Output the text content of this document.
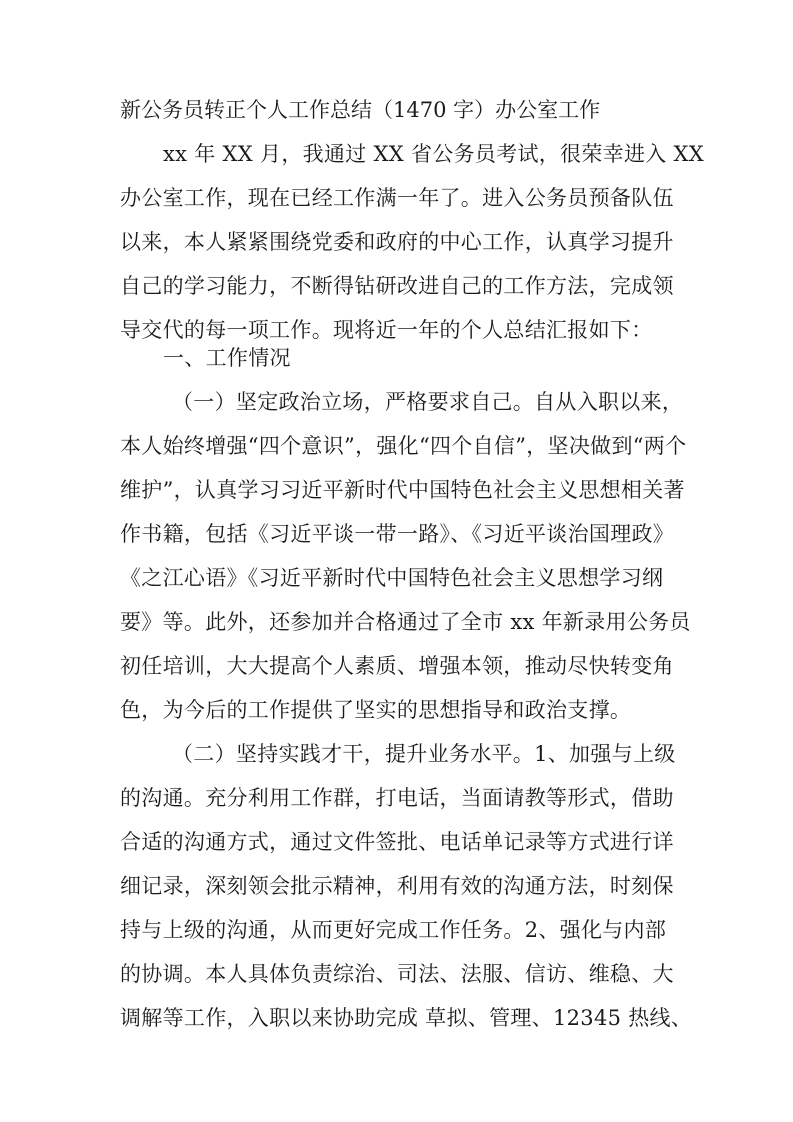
新公务员转正个人工作总结（1470 字）办公室工作
xx 年 XX 月，我通过 XX 省公务员考试，很荣幸进入 XX
办公室工作，现在已经工作满一年了。进入公务员预备队伍
以来，本人紧紧围绕党委和政府的中心工作，认真学习提升
自己的学习能力，不断得钻研改进自己的工作方法，完成领
导交代的每一项工作。现将近一年的个人总结汇报如下：
一、工作情况
（一）坚定政治立场，严格要求自己。自从入职以来，
本人始终增强“四个意识”，强化“四个自信”，坚决做到“两个
维护”，认真学习习近平新时代中国特色社会主义思想相关著
作书籍，包括《习近平谈一带一路》、《习近平谈治国理政》
《之江心语》《习近平新时代中国特色社会主义思想学习纲
要》等。此外，还参加并合格通过了全市 xx 年新录用公务员
初任培训，大大提高个人素质、增强本领，推动尽快转变角
色，为今后的工作提供了坚实的思想指导和政治支撑。
（二）坚持实践才干，提升业务水平。1、加强与上级
的沟通。充分利用工作群，打电话，当面请教等形式，借助
合适的沟通方式，通过文件签批、电话单记录等方式进行详
细记录，深刻领会批示精神，利用有效的沟通方法，时刻保
持与上级的沟通，从而更好完成工作任务。2、强化与内部
的协调。本人具体负责综治、司法、法服、信访、维稳、大
调解等工作，入职以来协助完成 草拟、管理、12345 热线、
